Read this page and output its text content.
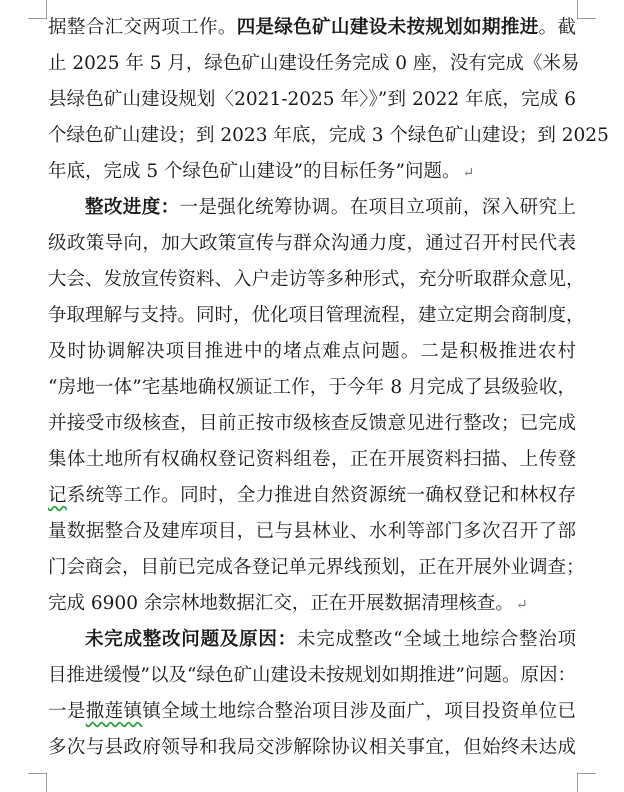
据整合汇交两项工作。四是绿色矿山建设未按规划如期推进。截
止 2025 年 5 月，绿色矿山建设任务完成 0 座，没有完成《米易
县绿色矿山建设规划〈2021-2025 年〉》”到 2022 年底，完成 6
个绿色矿山建设；到 2023 年底，完成 3 个绿色矿山建设；到 2025
年底，完成 5 个绿色矿山建设”的目标任务”问题。 ↵
整改进度：一是强化统筹协调。在项目立项前，深入研究上
级政策导向，加大政策宣传与群众沟通力度，通过召开村民代表
大会、发放宣传资料、入户走访等多种形式，充分听取群众意见，
争取理解与支持。同时，优化项目管理流程，建立定期会商制度，
及时协调解决项目推进中的堵点难点问题。二是积极推进农村
“房地一体”宅基地确权颁证工作，于今年 8 月完成了县级验收，
并接受市级核查，目前正按市级核查反馈意见进行整改；已完成
集体土地所有权确权登记资料组卷，正在开展资料扫描、上传登
记系统等工作。同时，全力推进自然资源统一确权登记和林权存
量数据整合及建库项目，已与县林业、水利等部门多次召开了部
门会商会，目前已完成各登记单元界线预划，正在开展外业调查；
完成 6900 余宗林地数据汇交，正在开展数据清理核查。 ↵
未完成整改问题及原因：未完成整改“全域土地综合整治项
目推进缓慢”以及“绿色矿山建设未按规划如期推进”问题。原因：
一是撒莲镇镇全域土地综合整治项目涉及面广，项目投资单位已
多次与县政府领导和我局交涉解除协议相关事宜，但始终未达成
